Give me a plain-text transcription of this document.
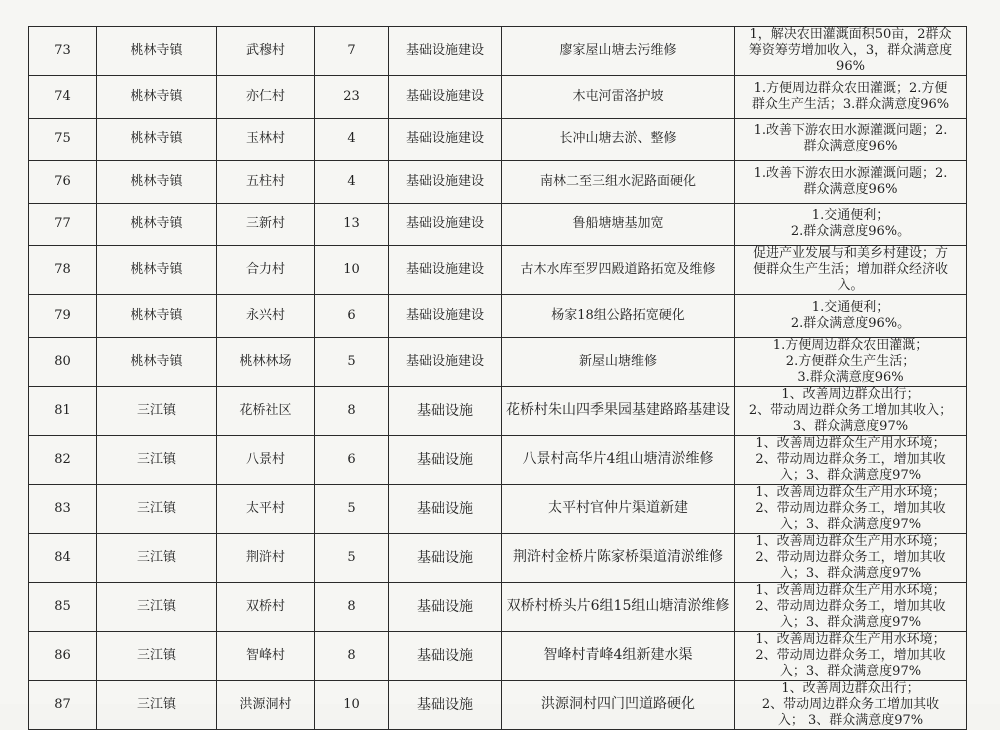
73	桃林寺镇	武穆村	7	基础设施建设	廖家屋山塘去污维修	1，解决农田灌溉面积50亩，2群众
筹资筹劳增加收入，3，群众满意度
96%
74	桃林寺镇	亦仁村	23	基础设施建设	木屯河雷洛护坡	1.方便周边群众农田灌溉；2.方便
群众生产生活；3.群众满意度96%
75	桃林寺镇	玉林村	4	基础设施建设	长冲山塘去淤、整修	1.改善下游农田水源灌溉问题；2.
群众满意度96%
76	桃林寺镇	五柱村	4	基础设施建设	南林二至三组水泥路面硬化	1.改善下游农田水源灌溉问题；2.
群众满意度96%
77	桃林寺镇	三新村	13	基础设施建设	鲁船塘塘基加宽	1.交通便利；
2.群众满意度96%。
78	桃林寺镇	合力村	10	基础设施建设	古木水库至罗四殿道路拓宽及维修	促进产业发展与和美乡村建设；方
便群众生产生活；增加群众经济收
入。
79	桃林寺镇	永兴村	6	基础设施建设	杨家18组公路拓宽硬化	1.交通便利；
2.群众满意度96%。
80	桃林寺镇	桃林林场	5	基础设施建设	新屋山塘维修	1.方便周边群众农田灌溉；
2.方便群众生产生活；
3.群众满意度96%
81	三江镇	花桥社区	8	基础设施	花桥村朱山四季果园基建路路基建设	1、改善周边群众出行；
2、带动周边群众务工增加其收入；
3、群众满意度97%
82	三江镇	八景村	6	基础设施	八景村高华片4组山塘清淤维修	1、改善周边群众生产用水环境；
2、带动周边群众务工，增加其收
入；3、群众满意度97%
83	三江镇	太平村	5	基础设施	太平村官仲片渠道新建	1、改善周边群众生产用水环境；
2、带动周边群众务工，增加其收
入；3、群众满意度97%
84	三江镇	荆浒村	5	基础设施	荆浒村金桥片陈家桥渠道清淤维修	1、改善周边群众生产用水环境；
2、带动周边群众务工，增加其收
入；3、群众满意度97%
85	三江镇	双桥村	8	基础设施	双桥村桥头片6组15组山塘清淤维修	1、改善周边群众生产用水环境；
2、带动周边群众务工，增加其收
入；3、群众满意度97%
86	三江镇	智峰村	8	基础设施	智峰村青峰4组新建水渠	1、改善周边群众生产用水环境；
2、带动周边群众务工，增加其收
入；3、群众满意度97%
87	三江镇	洪源洞村	10	基础设施	洪源洞村四门凹道路硬化	1、改善周边群众出行；
2、带动周边群众务工增加其收
入； 3、群众满意度97%
